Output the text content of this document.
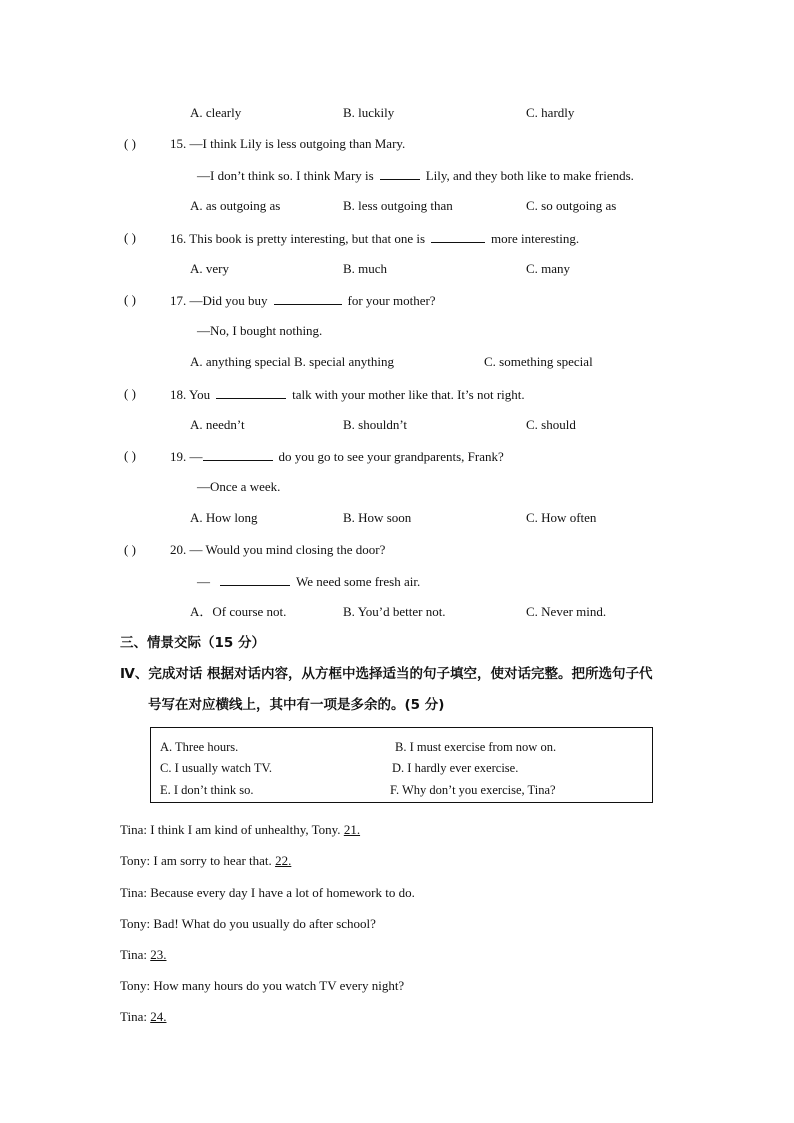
A. clearly	B. luckily	C. hardly
( )	15. —I think Lily is less outgoing than Mary.
—I don’t think so. I think Mary is	Lily, and they both like to make friends.
A. as outgoing as	B. less outgoing than	C. so outgoing as
( )	16. This book is pretty interesting, but that one is	more interesting.
A. very	B. much	C. many
( )	17. —Did you buy	for your mother?
—No, I bought nothing.
A. anything special B. special anything	C. something special
( )	18. You	talk with your mother like that. It’s not right.
A. needn’t	B. shouldn’t	C. should
( )	19. —	do you go to see your grandparents, Frank?
—Once a week.
A. How long	B. How soon	C. How often
( )	20. — Would you mind closing the door?
—	We need some fresh air.
A．Of course not.	B. You’d better not.	C. Never mind.
三、情景交际（15 分）
Ⅳ、完成对话 根据对话内容，从方框中选择适当的句子填空，使对话完整。把所选句子代
号写在对应横线上，其中有一项是多余的。(5 分)
A. Three hours.	B. I must exercise from now on.
C. I usually watch TV.	D. I hardly ever exercise.
E. I don’t think so.	F. Why don’t you exercise, Tina?
Tina: I think I am kind of unhealthy, Tony. 21.
Tony: I am sorry to hear that. 22.
Tina: Because every day I have a lot of homework to do.
Tony: Bad! What do you usually do after school?
Tina: 23.
Tony: How many hours do you watch TV every night?
Tina: 24.
